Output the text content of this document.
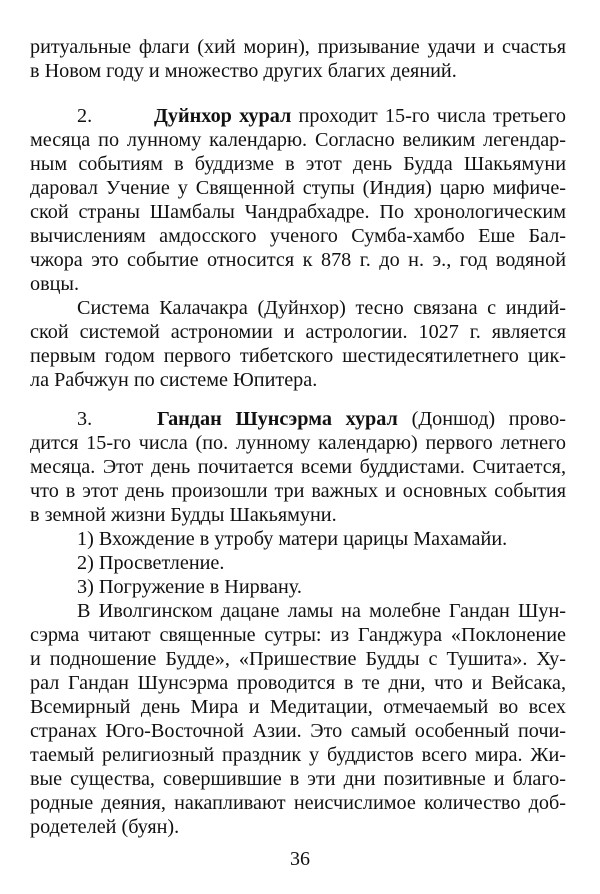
ритуальные флаги (хий морин), призывание удачи и счастья
в Новом году и множество других благих деяний.
2.	Дуйнхор хурал проходит 15-го числа третьего
месяца по лунному календарю. Согласно великим легендар-
ным событиям в буддизме в этот день Будда Шакьямуни
даровал Учение у Священной ступы (Индия) царю мифиче-
ской страны Шамбалы Чандрабхадре. По хронологическим
вычислениям амдосского ученого Сумба-хамбо Еше Бал-
чжора это событие относится к 878 г. до н. э., год водяной
овцы.
Система Калачакра (Дуйнхор) тесно связана с индий-
ской системой астрономии и астрологии. 1027 г. является
первым годом первого тибетского шестидесятилетнего цик-
ла Рабчжун по системе Юпитера.
3.	Гандан Шунсэрма хурал (Доншод) прово-
дится 15-го числа (по. лунному календарю) первого летнего
месяца. Этот день почитается всеми буддистами. Считается,
что в этот день произошли три важных и основных события
в земной жизни Будды Шакьямуни.
1) Вхождение в утробу матери царицы Махамайи.
2) Просветление.
3) Погружение в Нирвану.
В Иволгинском дацане ламы на молебне Гандан Шун-
сэрма читают священные сутры: из Ганджура «Поклонение
и подношение Будде», «Пришествие Будды с Тушита». Ху-
рал Гандан Шунсэрма проводится в те дни, что и Вейсака,
Всемирный день Мира и Медитации, отмечаемый во всех
странах Юго-Восточной Азии. Это самый особенный почи-
таемый религиозный праздник у буддистов всего мира. Жи-
вые существа, совершившие в эти дни позитивные и благо-
родные деяния, накапливают неисчислимое количество доб-
родетелей (буян).
36
